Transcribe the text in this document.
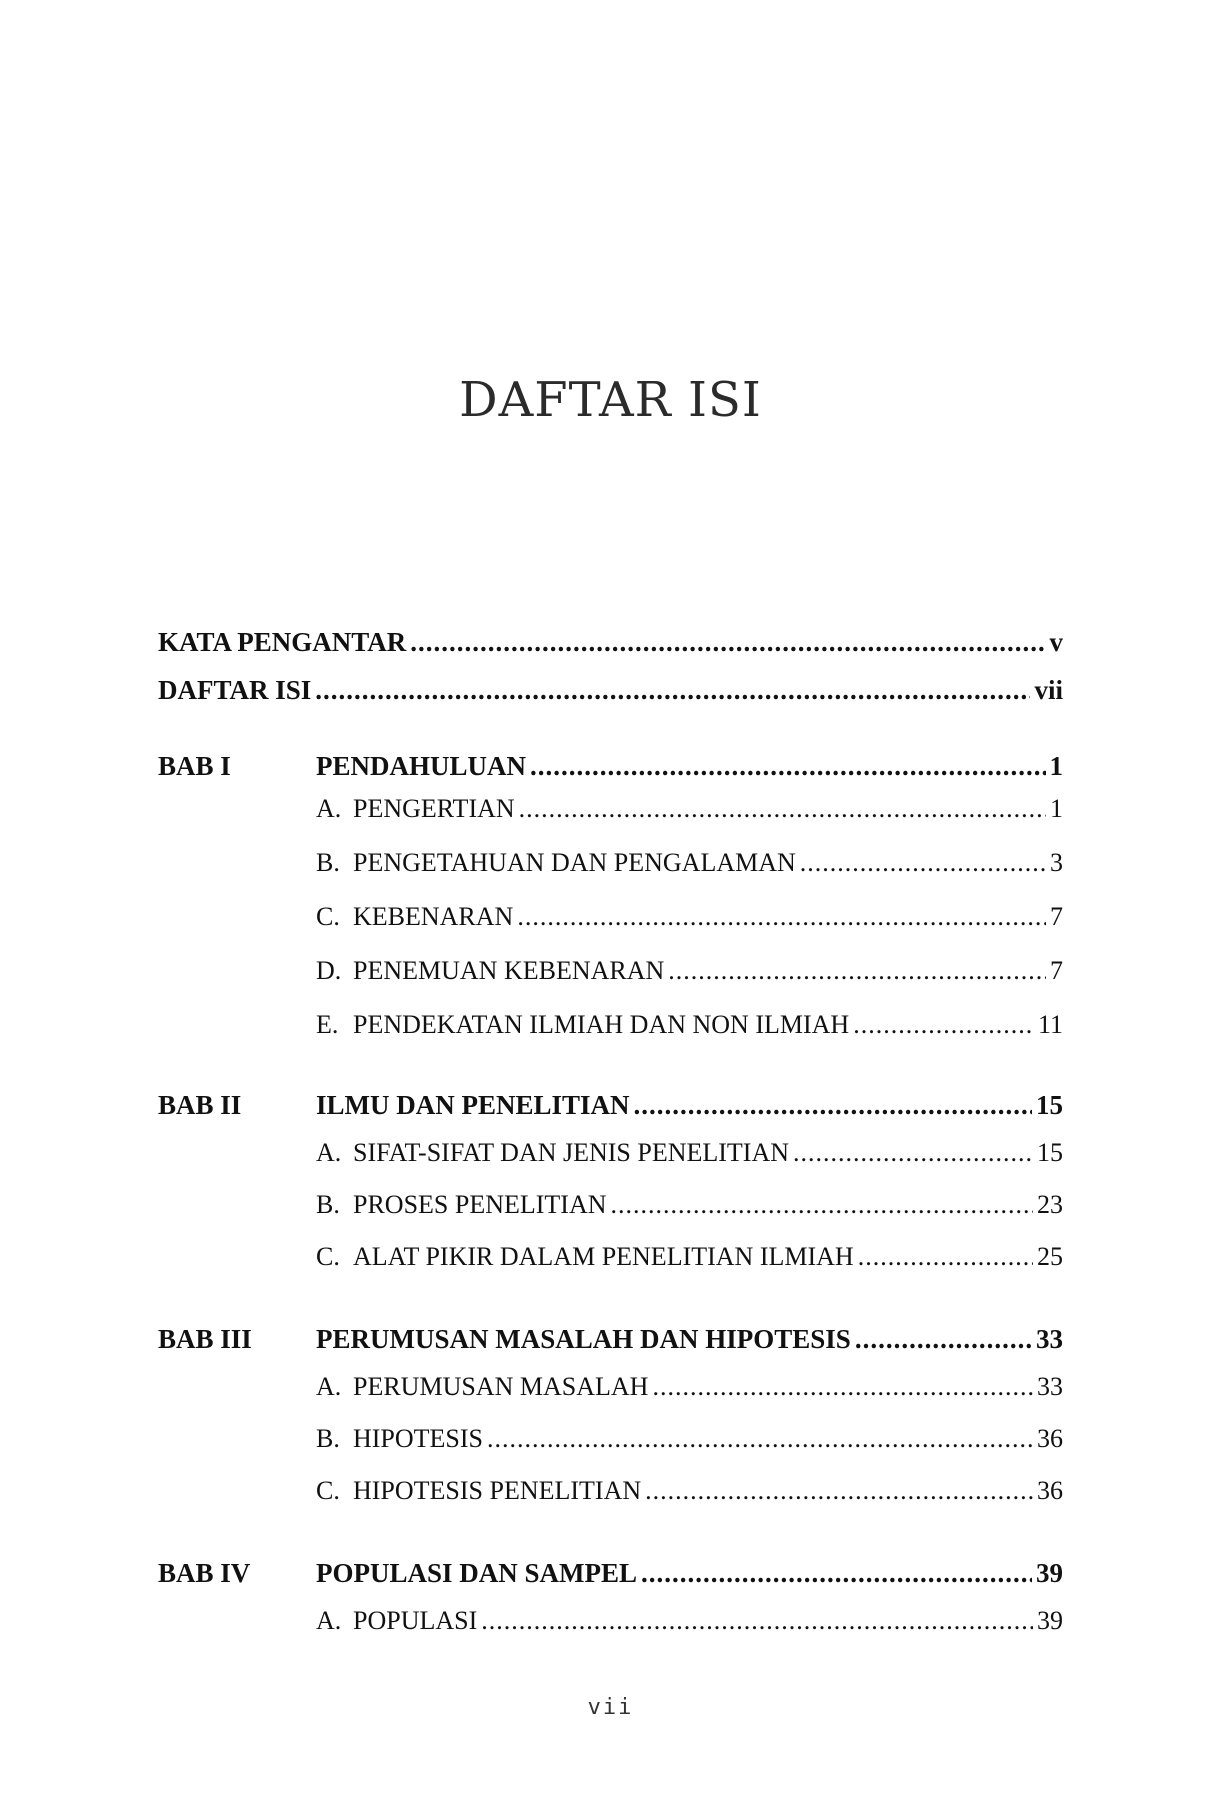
DAFTAR ISI
KATA PENGANTAR .....	v
DAFTAR ISI .....	vii
BAB I	PENDAHULUAN .....	1
A. PENGERTIAN .....	1
B. PENGETAHUAN DAN PENGALAMAN .....	3
C. KEBENARAN .....	7
D. PENEMUAN KEBENARAN .....	7
E. PENDEKATAN ILMIAH DAN NON ILMIAH .....	11
BAB II	ILMU DAN PENELITIAN .....	15
A. SIFAT-SIFAT DAN JENIS PENELITIAN .....	15
B. PROSES PENELITIAN .....	23
C. ALAT PIKIR DALAM PENELITIAN ILMIAH .....	25
BAB III PERUMUSAN MASALAH DAN HIPOTESIS .....	33
A. PERUMUSAN MASALAH .....	33
B. HIPOTESIS .....	36
C. HIPOTESIS PENELITIAN .....	36
BAB IV POPULASI DAN SAMPEL .....	39
A. POPULASI .....	39
vii
